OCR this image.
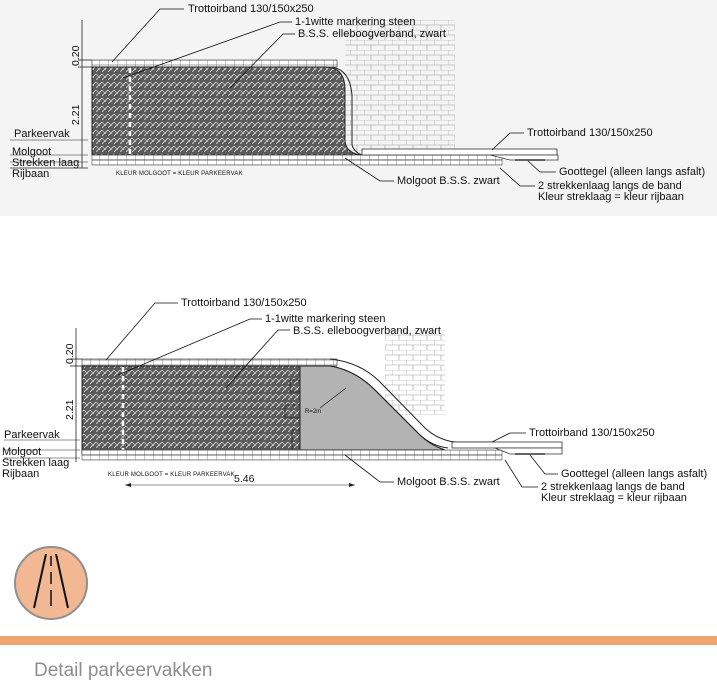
0.20
2.21
Parkeervak
Molgoot
Strekken laag
Rijbaan	KLEUR MOLGOOT = KLEUR PARKEERVAK
Trottoirband 130/150x250
1-1witte markering steen
B.S.S. elleboogverband, zwart
Trottoirband 130/150x250
Goottegel (alleen langs asfalt)
Molgoot B.S.S. zwart	2 strekkenlaag langs de band
Kleur streklaag = kleur rijbaan
R=2m
0.20
2.21
5.46
Parkeervak
Molgoot
Strekken laag
Rijbaan	KLEUR MOLGOOT = KLEUR PARKEERVAK
Trottoirband 130/150x250
1-1witte markering steen
B.S.S. elleboogverband, zwart
Trottoirband 130/150x250
Goottegel (alleen langs asfalt)
Molgoot B.S.S. zwart	2 strekkenlaag langs de band
Kleur streklaag = kleur rijbaan
Detail parkeervakken
